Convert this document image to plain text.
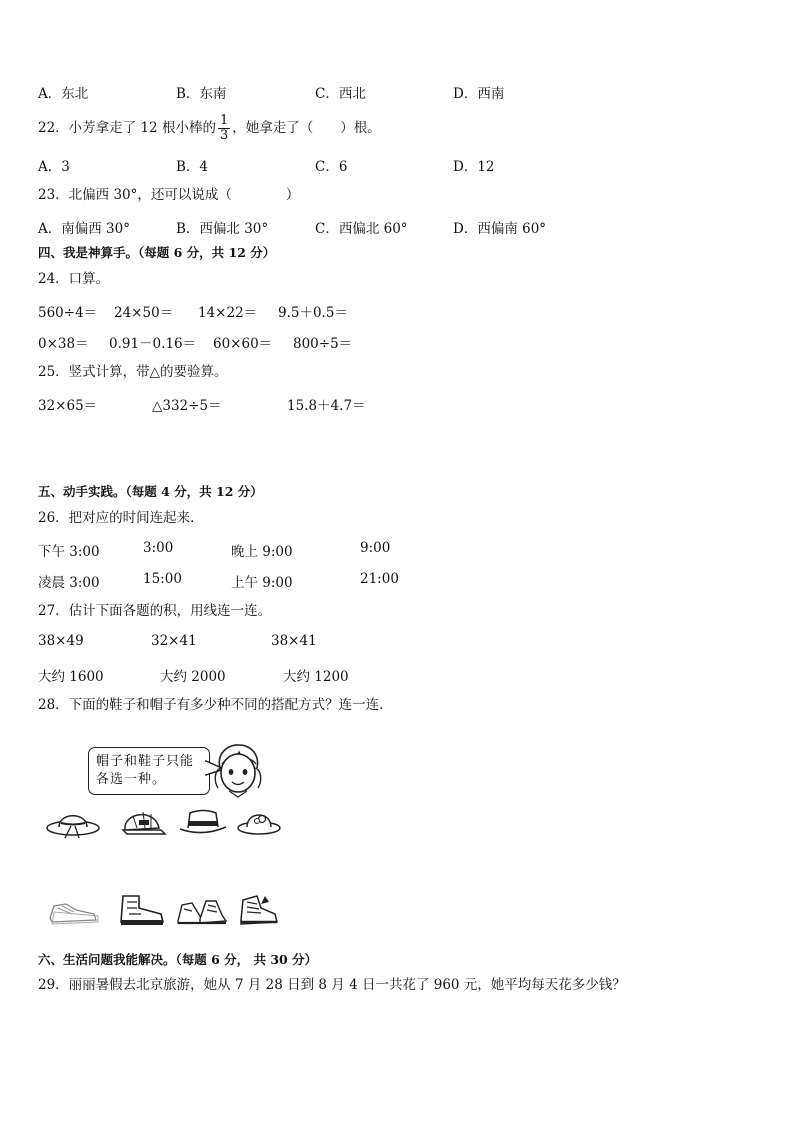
A．东北	B．东南	C．西北	D．西南
22．小芳拿走了 12 根小棒的 $\frac{1}{3}$ ，她拿走了（　　）根。
A．3	B．4	C．6	D．12
23．北偏西 30°，还可以说成（　　　　）
A．南偏西 30°	B．西偏北 30°	C．西偏北 60°	D．西偏南 60°
四、我是神算手。（每题 6 分，共 12 分）
24．口算。
560÷4＝ 24×50＝ 14×22＝ 9.5＋0.5＝
0×38＝ 0.91－0.16＝ 60×60＝ 800÷5＝
25．竖式计算，带△的要验算。
32×65＝	△332÷5＝	15.8＋4.7＝
五、动手实践。（每题 4 分，共 12 分）
26．把对应的时间连起来．
下午 3:00	3:00	晚上 9:00	9:00
凌晨 3:00	15:00	上午 9:00	21:00
27．估计下面各题的积，用线连一连。
38×49	32×41	38×41
大约 1600	大约 2000	大约 1200
28．下面的鞋子和帽子有多少种不同的搭配方式？连一连．
帽子和鞋子只能各选一种。
六、生活问题我能解决。（每题 6 分， 共 30 分）
29．丽丽暑假去北京旅游，她从 7 月 28 日到 8 月 4 日一共花了 960 元，她平均每天花多少钱？
